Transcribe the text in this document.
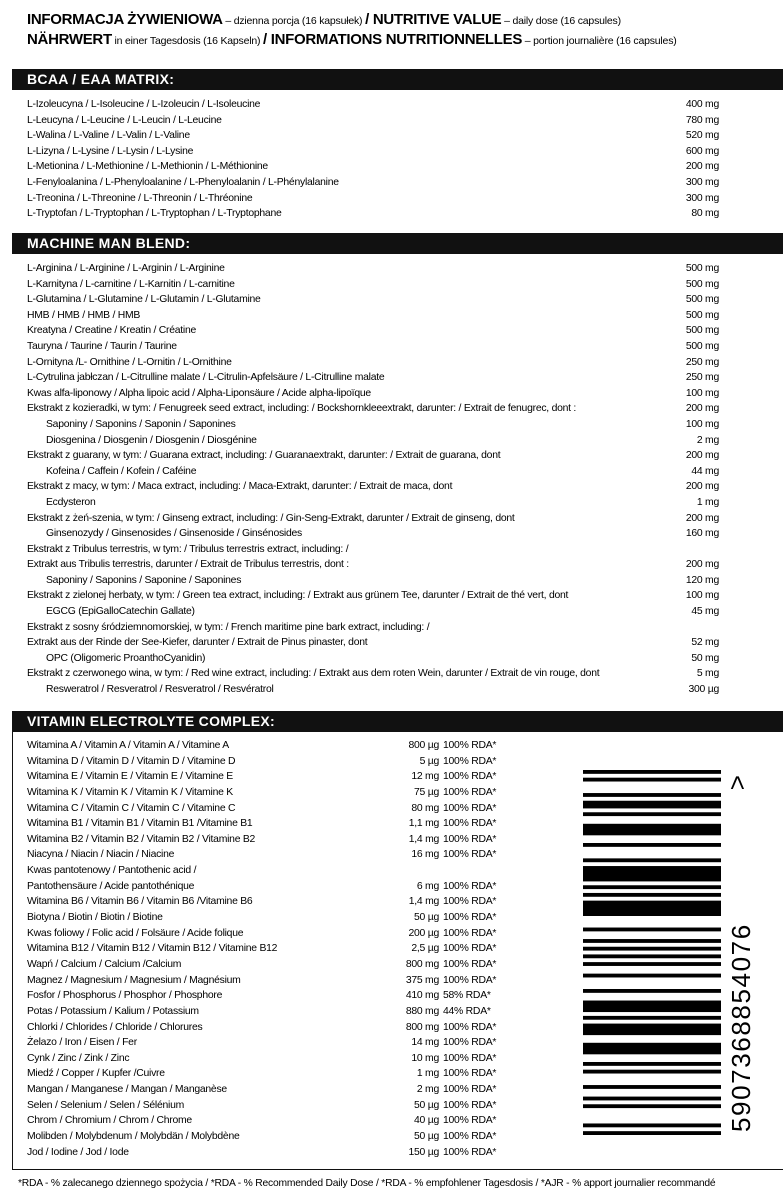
INFORMACJA ŻYWIENIOWA – dzienna porcja (16 kapsułek) / NUTRITIVE VALUE – daily dose (16 capsules)
NÄHRWERT in einer Tagesdosis (16 Kapseln) / INFORMATIONS NUTRITIONNELLES – portion journalière (16 capsules)
BCAA / EAA MATRIX:
L-Izoleucyna / L-Isoleucine / L-Izoleucin / L-Isoleucine	400 mg
L-Leucyna / L-Leucine / L-Leucin / L-Leucine	780 mg
L-Walina / L-Valine / L-Valin / L-Valine	520 mg
L-Lizyna / L-Lysine / L-Lysin / L-Lysine	600 mg
L-Metionina / L-Methionine / L-Methionin / L-Méthionine	200 mg
L-Fenyloalanina / L-Phenyloalanine / L-Phenyloalanin / L-Phénylalanine	300 mg
L-Treonina / L-Threonine / L-Threonin / L-Thréonine	300 mg
L-Tryptofan / L-Tryptophan / L-Tryptophan / L-Tryptophane	80 mg
MACHINE MAN BLEND:
L-Arginina / L-Arginine / L-Arginin / L-Arginine	500 mg
L-Karnityna / L-carnitine / L-Karnitin / L-carnitine	500 mg
L-Glutamina / L-Glutamine / L-Glutamin / L-Glutamine	500 mg
HMB / HMB / HMB / HMB	500 mg
Kreatyna / Creatine / Kreatin / Créatine	500 mg
Tauryna / Taurine / Taurin / Taurine	500 mg
L-Ornityna /L- Ornithine / L-Ornitin / L-Ornithine	250 mg
L-Cytrulina jabłczan / L-Citrulline malate / L-Citrulin-Apfelsäure / L-Citrulline malate	250 mg
Kwas alfa-liponowy / Alpha lipoic acid / Alpha-Liponsäure / Acide alpha-lipoïque	100 mg
Ekstrakt z kozieradki, w tym: / Fenugreek seed extract, including: / Bockshornkleeextrakt, darunter: / Extrait de fenugrec, dont :	200 mg
Saponiny / Saponins / Saponin / Saponines	100 mg
Diosgenina / Diosgenin / Diosgenin / Diosgénine	2 mg
Ekstrakt z guarany, w tym: / Guarana extract, including: / Guaranaextrakt, darunter: / Extrait de guarana, dont	200 mg
Kofeina / Caffein / Kofein / Caféine	44 mg
Ekstrakt z macy, w tym: / Maca extract, including: / Maca-Extrakt, darunter: / Extrait de maca, dont	200 mg
Ecdysteron	1 mg
Ekstrakt z żeń-szenia, w tym: / Ginseng extract, including: / Gin-Seng-Extrakt, darunter / Extrait de ginseng, dont	200 mg
Ginsenozydy / Ginsenosides / Ginsenoside / Ginsénosides	160 mg
Ekstrakt z Tribulus terrestris, w tym: / Tribulus terrestris extract, including: /
Extrakt aus Tribulis terrestris, darunter / Extrait de Tribulus terrestris, dont :	200 mg
Saponiny / Saponins / Saponine / Saponines	120 mg
Ekstrakt z zielonej herbaty, w tym: / Green tea extract, including: / Extrakt aus grünem Tee, darunter / Extrait de thé vert, dont	100 mg
EGCG (EpiGalloCatechin Gallate)	45 mg
Ekstrakt z sosny śródziemnomorskiej, w tym: / French maritime pine bark extract, including: /
Extrakt aus der Rinde der See-Kiefer, darunter / Extrait de Pinus pinaster, dont	52 mg
OPC (Oligomeric ProanthoCyanidin)	50 mg
Ekstrakt z czerwonego wina, w tym: / Red wine extract, including: / Extrakt aus dem roten Wein, darunter / Extrait de vin rouge, dont	5 mg
Resweratrol / Resveratrol / Resveratrol / Resvératrol	300 µg
VITAMIN ELECTROLYTE COMPLEX:
Witamina A / Vitamin A / Vitamin A / Vitamine A	800 µg 100% RDA*
Witamina D / Vitamin D / Vitamin D / Vitamine D	5 µg 100% RDA*
Witamina E / Vitamin E / Vitamin E / Vitamine E	12 mg 100% RDA*
Witamina K / Vitamin K / Vitamin K / Vitamine K	75 µg 100% RDA*
Witamina C / Vitamin C / Vitamin C / Vitamine C	80 mg 100% RDA*
Witamina B1 / Vitamin B1 / Vitamin B1 /Vitamine B1	1,1 mg 100% RDA*
Witamina B2 / Vitamin B2 / Vitamin B2 / Vitamine B2	1,4 mg 100% RDA*
Niacyna / Niacin / Niacin / Niacine	16 mg 100% RDA*
Kwas pantotenowy / Pantothenic acid /
Pantothensäure / Acide pantothénique	6 mg 100% RDA*
Witamina B6 / Vitamin B6 / Vitamin B6 /Vitamine B6	1,4 mg 100% RDA*
Biotyna / Biotin / Biotin / Biotine	50 µg 100% RDA*
Kwas foliowy / Folic acid / Folsäure / Acide folique	200 µg 100% RDA*
Witamina B12 / Vitamin B12 / Vitamin B12 / Vitamine B12	2,5 µg 100% RDA*
Wapń / Calcium / Calcium /Calcium	800 mg 100% RDA*
Magnez / Magnesium / Magnesium / Magnésium	375 mg 100% RDA*
Fosfor / Phosphorus / Phosphor / Phosphore	410 mg 58% RDA*
Potas / Potassium / Kalium / Potassium	880 mg 44% RDA*
Chlorki / Chlorides / Chloride / Chlorures	800 mg 100% RDA*
Żelazo / Iron / Eisen / Fer	14 mg 100% RDA*
Cynk / Zinc / Zink / Zinc	10 mg 100% RDA*
Miedź / Copper / Kupfer /Cuivre	1 mg 100% RDA*
Mangan / Manganese / Mangan / Manganèse	2 mg 100% RDA*
Selen / Selenium / Selen / Sélénium	50 µg 100% RDA*
Chrom / Chromium / Chrom / Chrome	40 µg 100% RDA*
Molibden / Molybdenum / Molybdän / Molybdène	50 µg 100% RDA*
Jod / Iodine / Jod / Iode	150 µg 100% RDA*
>
5907368854076
*RDA - % zalecanego dziennego spożycia / *RDA - % Recommended Daily Dose / *RDA - % empfohlener Tagesdosis / *AJR - % apport journalier recommandé
